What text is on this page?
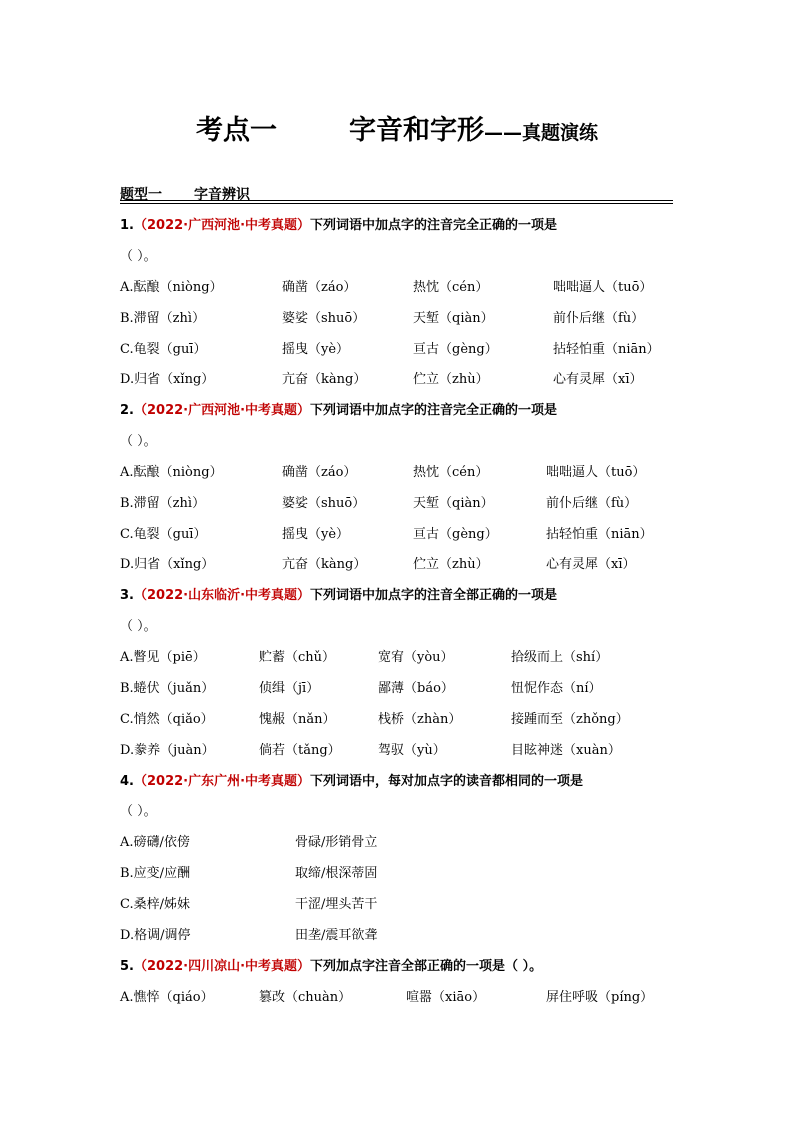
考点一	字音和字形——真题演练
题型一 字音辨识
1.（2022·广西河池·中考真题）下列词语中加点字的注音完全正确的一项是
（ ）。
A.酝酿（niòng）	确凿（záo）	热忱（cén）	咄咄逼人（tuō）
B.滞留（zhì）	婆娑（shuō）	天堑（qiàn）	前仆后继（fù）
C.龟裂（guī）	摇曳（yè）	亘古（gèng）	拈轻怕重（niān）
D.归省（xǐng）	亢奋（kàng）	伫立（zhù）	心有灵犀（xī）
2.（2022·广西河池·中考真题）下列词语中加点字的注音完全正确的一项是
（ ）。
A.酝酿（niòng）	确凿（záo）	热忱（cén）	咄咄逼人（tuō）
B.滞留（zhì）	婆娑（shuō）	天堑（qiàn）	前仆后继（fù）
C.龟裂（guī）	摇曳（yè）	亘古（gèng）	拈轻怕重（niān）
D.归省（xǐng）	亢奋（kàng）	伫立（zhù）	心有灵犀（xī）
3.（2022·山东临沂·中考真题）下列词语中加点字的注音全部正确的一项是
（ ）。
A.瞥见（piē）	贮蓄（chǔ）	宽宥（yòu）	拾级而上（shí）
B.蜷伏（juǎn）	侦缉（jī）	鄙薄（báo）	忸怩作态（ní）
C.悄然（qiǎo）	愧赧（nǎn）	栈桥（zhàn）	接踵而至（zhǒng）
D.豢养（juàn）	倘若（tǎng）	驾驭（yù）	目眩神迷（xuàn）
4.（2022·广东广州·中考真题）下列词语中，每对加点字的读音都相同的一项是
（ ）。
A.磅礴/依傍	骨碌/形销骨立
B.应变/应酬	取缔/根深蒂固
C.桑梓/姊妹	干涩/埋头苦干
D.格调/调停	田垄/震耳欲聋
5.（2022·四川凉山·中考真题）下列加点字注音全部正确的一项是（ ）。
A.憔悴（qiáo）	篡改（chuàn）	喧嚣（xiāo）	屏住呼吸（píng）
